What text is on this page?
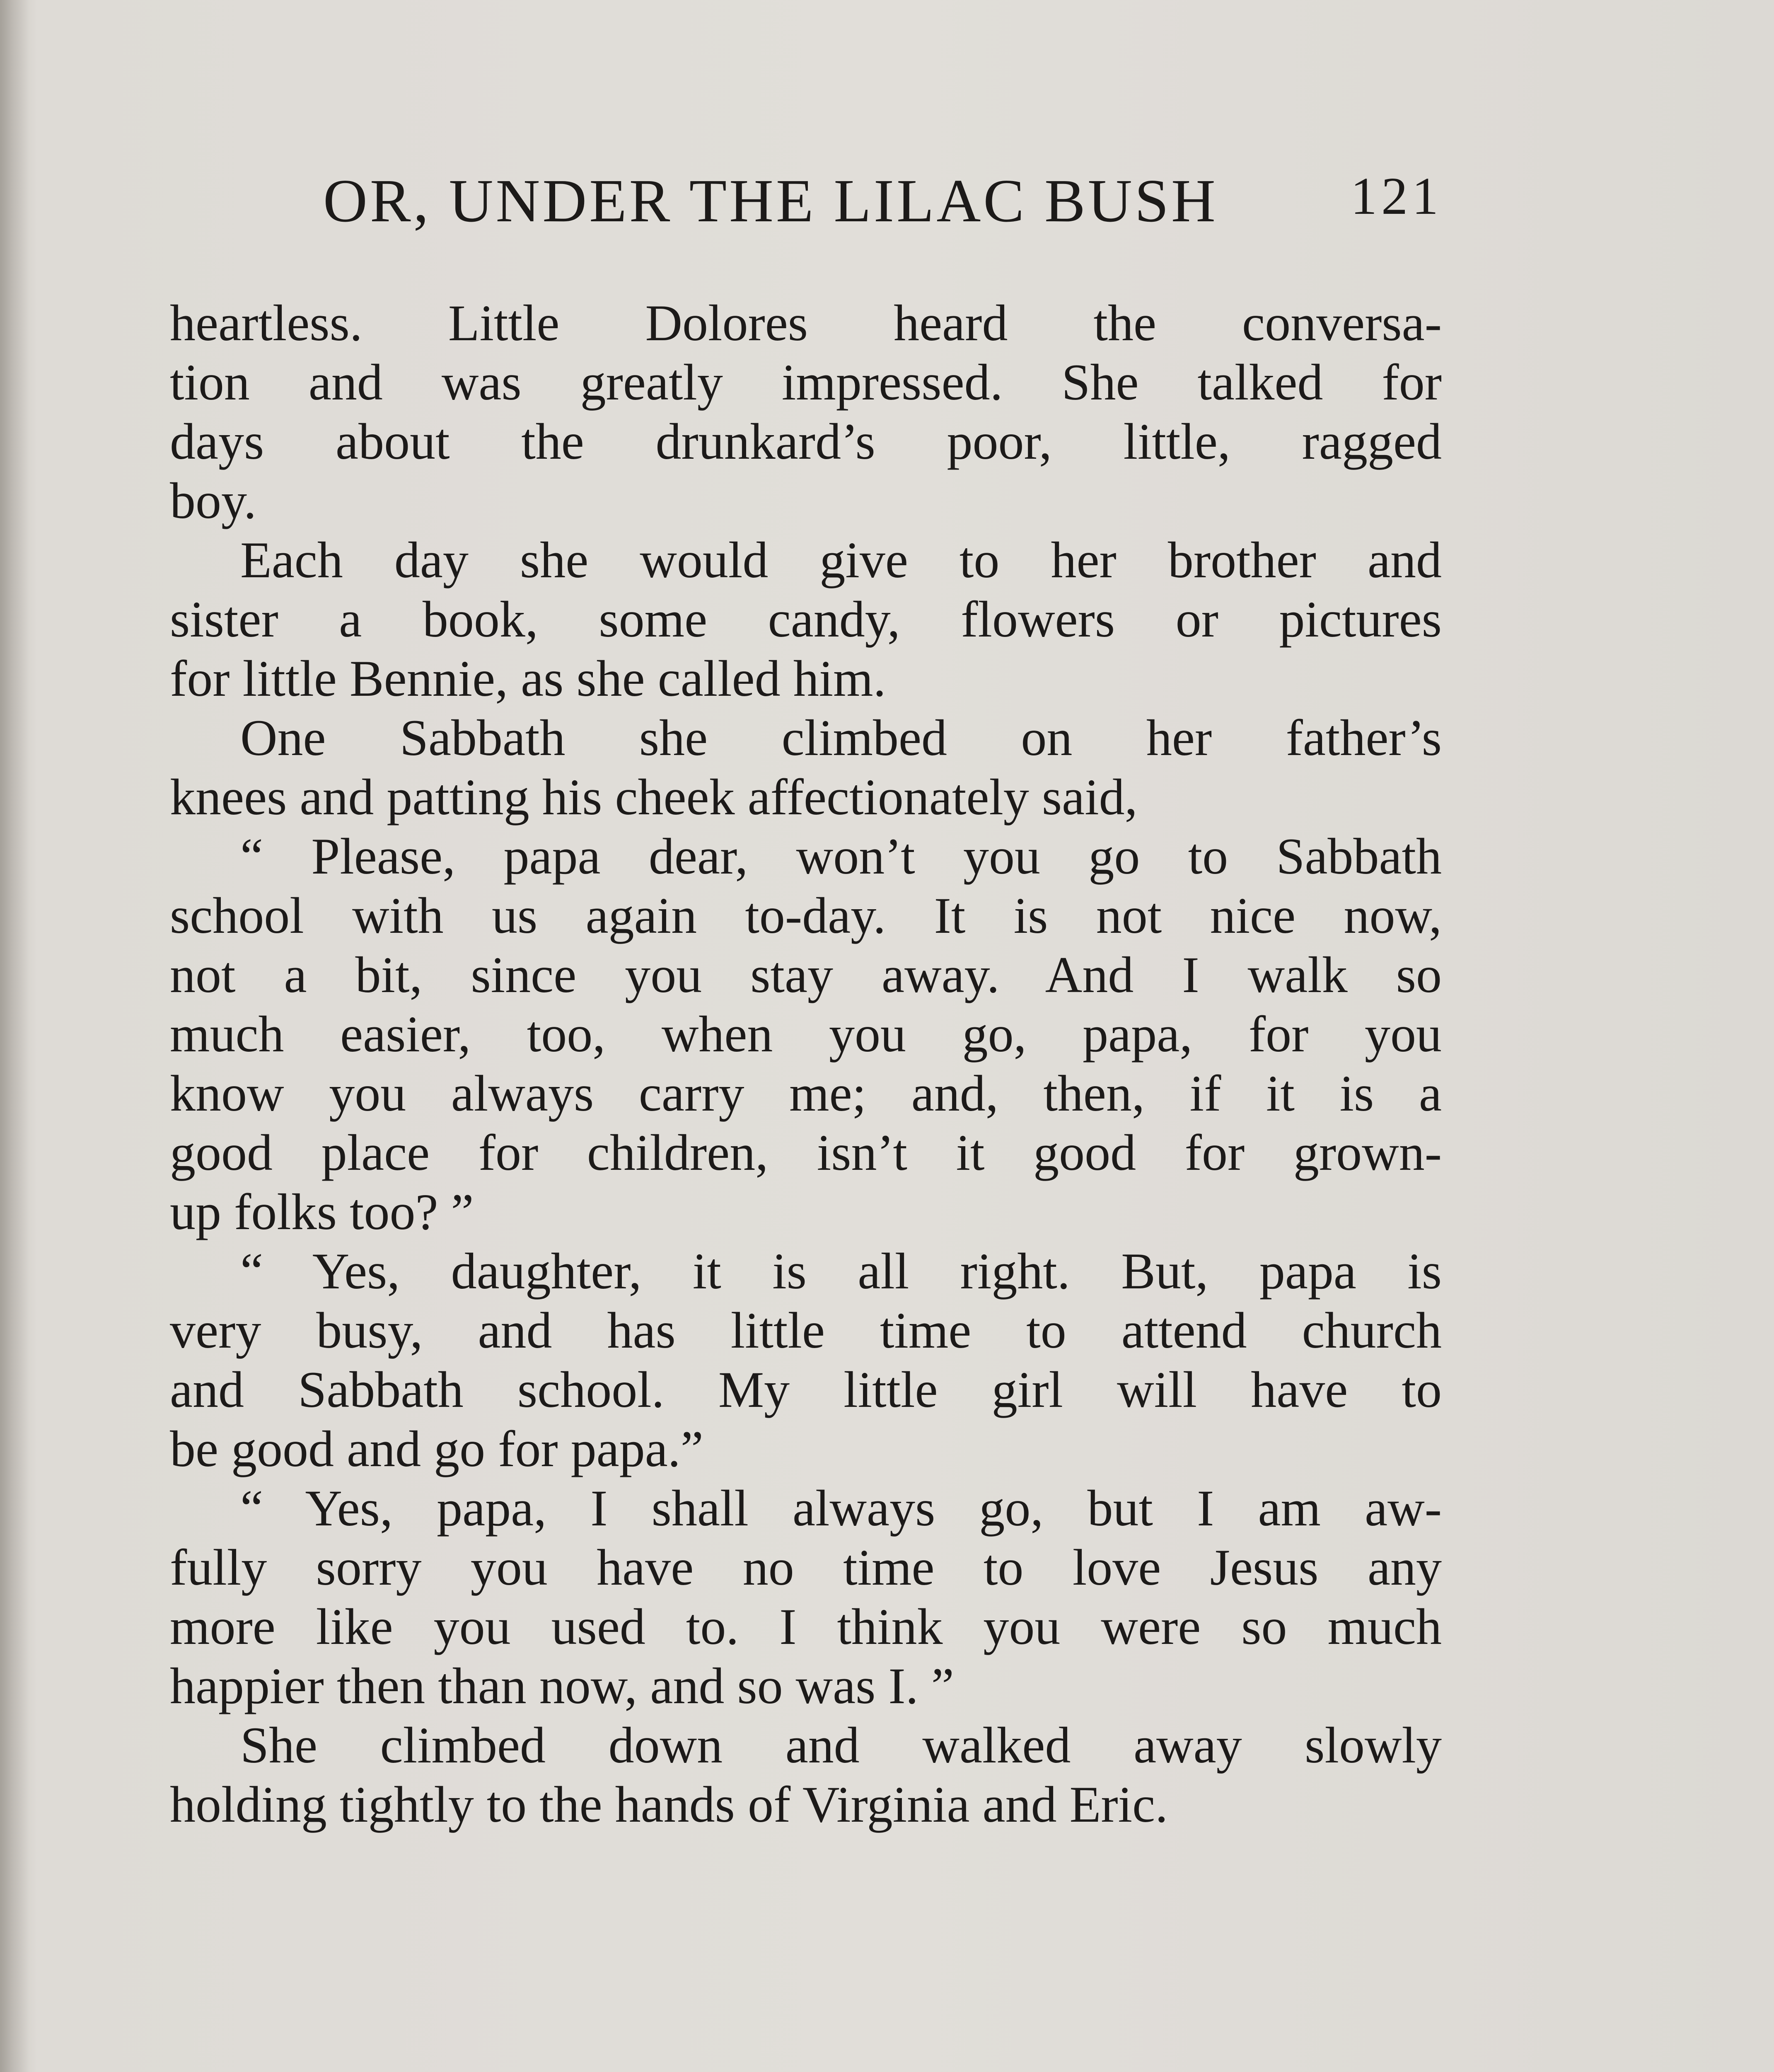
OR, UNDER THE LILAC BUSH	121
heartless. Little Dolores heard the conversa-
tion and was greatly impressed. She talked for
days about the drunkard’s poor, little, ragged
boy.
Each day she would give to her brother and
sister a book, some candy, flowers or pictures
for little Bennie, as she called him.
One Sabbath she climbed on her father’s
knees and patting his cheek affectionately said,
“ Please, papa dear, won’t you go to Sabbath
school with us again to-day. It is not nice now,
not a bit, since you stay away. And I walk so
much easier, too, when you go, papa, for you
know you always carry me; and, then, if it is a
good place for children, isn’t it good for grown-
up folks too? ”
“ Yes, daughter, it is all right. But, papa is
very busy, and has little time to attend church
and Sabbath school. My little girl will have to
be good and go for papa.”
“ Yes, papa, I shall always go, but I am aw-
fully sorry you have no time to love Jesus any
more like you used to. I think you were so much
happier then than now, and so was I. ”
She climbed down and walked away slowly
holding tightly to the hands of Virginia and Eric.
